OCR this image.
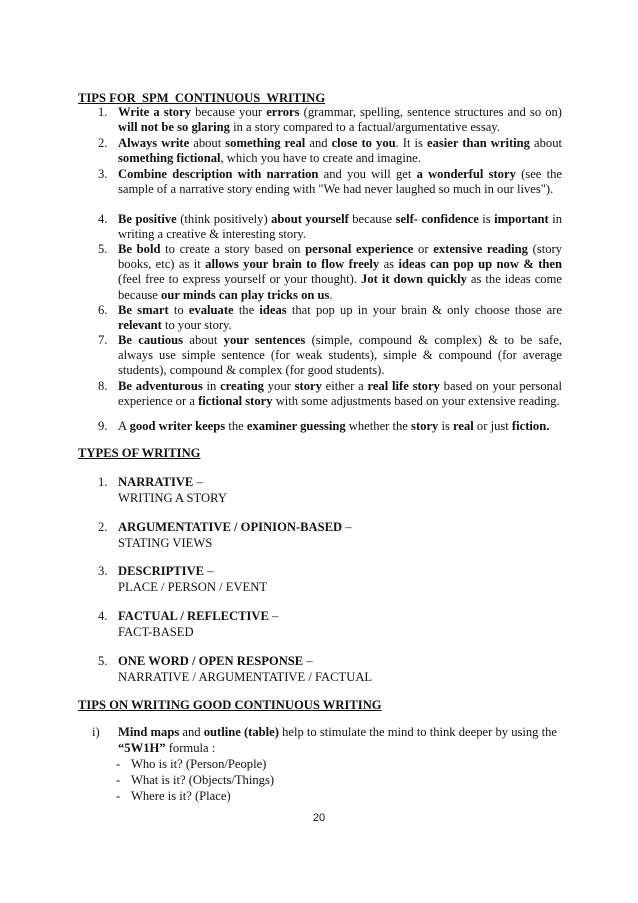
TIPS FOR  SPM  CONTINUOUS  WRITING
1. Write a story because your errors (grammar, spelling, sentence structures and so on) will not be so glaring in a story compared to a factual/argumentative essay.
2. Always write about something real and close to you. It is easier than writing about something fictional, which you have to create and imagine.
3. Combine description with narration and you will get a wonderful story (see the sample of a narrative story ending with "We had never laughed so much in our lives").
4. Be positive (think positively) about yourself because self- confidence is important in writing a creative & interesting story.
5. Be bold to create a story based on personal experience or extensive reading (story books, etc) as it allows your brain to flow freely as ideas can pop up now & then (feel free to express yourself or your thought). Jot it down quickly as the ideas come because our minds can play tricks on us.
6. Be smart to evaluate the ideas that pop up in your brain & only choose those are relevant to your story.
7. Be cautious about your sentences (simple, compound & complex) & to be safe, always use simple sentence (for weak students), simple & compound (for average students), compound & complex (for good students).
8. Be adventurous in creating your story either a real life story based on your personal experience or a fictional story with some adjustments based on your extensive reading.
9. A good writer keeps the examiner guessing whether the story is real or just fiction.
TYPES OF WRITING
1. NARRATIVE –
WRITING A STORY
2. ARGUMENTATIVE / OPINION-BASED –
STATING VIEWS
3. DESCRIPTIVE –
PLACE / PERSON / EVENT
4. FACTUAL / REFLECTIVE –
FACT-BASED
5. ONE WORD / OPEN RESPONSE –
NARRATIVE / ARGUMENTATIVE / FACTUAL
TIPS ON WRITING GOOD CONTINUOUS WRITING
i)	Mind maps and outline (table) help to stimulate the mind to think deeper by using the “5W1H” formula :
- Who is it? (Person/People)
- What is it? (Objects/Things)
- Where is it? (Place)
20
